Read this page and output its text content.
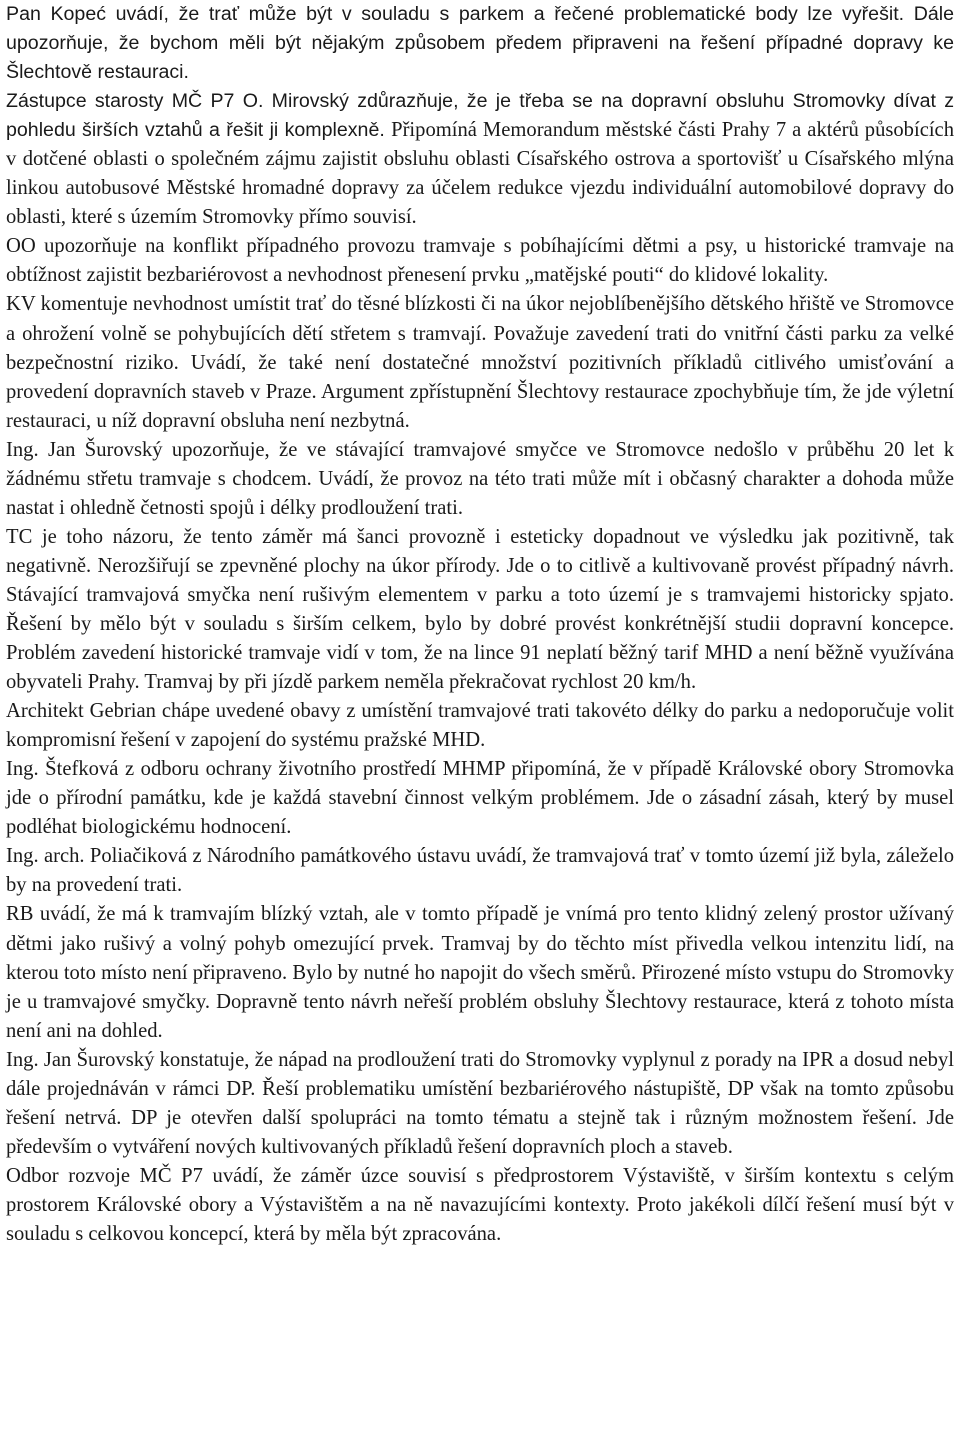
Pan Kopeć uvádí, že trať může být v souladu s parkem a řečené problematické body lze vyřešit. Dále upozorňuje, že bychom měli být nějakým způsobem předem připraveni na řešení případné dopravy ke Šlechtově restauraci.

Zástupce starosty MČ P7 O. Mirovský zdůrazňuje, že je třeba se na dopravní obsluhu Stromovky dívat z pohledu širších vztahů a řešit ji komplexně. Připomíná Memorandum městské části Prahy 7 a aktérů působících v dotčené oblasti o společném zájmu zajistit obsluhu oblasti Císařského ostrova a sportovišť u Císařského mlýna linkou autobusové Městské hromadné dopravy za účelem redukce vjezdu individuální automobilové dopravy do oblasti, které s územím Stromovky přímo souvisí.

OO upozorňuje na konflikt případného provozu tramvaje s pobíhajícími dětmi a psy, u historické tramvaje na obtížnost zajistit bezbariérovost a nevhodnost přenesení prvku „matějské pouti“ do klidové lokality.

KV komentuje nevhodnost umístit trať do těsné blízkosti či na úkor nejoblíbenějšího dětského hřiště ve Stromovce a ohrožení volně se pohybujících dětí střetem s tramvají. Považuje zavedení trati do vnitřní části parku za velké bezpečnostní riziko. Uvádí, že také není dostatečné množství pozitivních příkladů citlivého umisťování a provedení dopravních staveb v Praze. Argument zpřístupnění Šlechtovy restaurace zpochybňuje tím, že jde výletní restauraci, u níž dopravní obsluha není nezbytná.

Ing. Jan Šurovský upozorňuje, že ve stávající tramvajové smyčce ve Stromovce nedošlo v průběhu 20 let k žádnému střetu tramvaje s chodcem. Uvádí, že provoz na této trati může mít i občasný charakter a dohoda může nastat i ohledně četnosti spojů i délky prodloužení trati.

TC je toho názoru, že tento záměr má šanci provozně i esteticky dopadnout ve výsledku jak pozitivně, tak negativně. Nerozšiřují se zpevněné plochy na úkor přírody. Jde o to citlivě a kultivovaně provést případný návrh. Stávající tramvajová smyčka není rušivým elementem v parku a toto území je s tramvajemi historicky spjato. Řešení by mělo být v souladu s širším celkem, bylo by dobré provést konkrétnější studii dopravní koncepce. Problém zavedení historické tramvaje vidí v tom, že na lince 91 neplatí běžný tarif MHD a není běžně využívána obyvateli Prahy. Tramvaj by při jízdě parkem neměla překračovat rychlost 20 km/h.

Architekt Gebrian chápe uvedené obavy z umístění tramvajové trati takovéto délky do parku a nedoporučuje volit kompromisní řešení v zapojení do systému pražské MHD.

Ing. Štefková z odboru ochrany životního prostředí MHMP připomíná, že v případě Královské obory Stromovka jde o přírodní památku, kde je každá stavební činnost velkým problémem. Jde o zásadní zásah, který by musel podléhat biologickému hodnocení.

Ing. arch. Poliačiková z Národního památkového ústavu uvádí, že tramvajová trať v tomto území již byla, záleželo by na provedení trati.

RB uvádí, že má k tramvajím blízký vztah, ale v tomto případě je vnímá pro tento klidný zelený prostor užívaný dětmi jako rušivý a volný pohyb omezující prvek. Tramvaj by do těchto míst přivedla velkou intenzitu lidí, na kterou toto místo není připraveno. Bylo by nutné ho napojit do všech směrů. Přirozené místo vstupu do Stromovky je u tramvajové smyčky. Dopravně tento návrh neřeší problém obsluhy Šlechtovy restaurace, která z tohoto místa není ani na dohled.

Ing. Jan Šurovský konstatuje, že nápad na prodloužení trati do Stromovky vyplynul z porady na IPR a dosud nebyl dále projednáván v rámci DP. Řeší problematiku umístění bezbariérového nástupiště, DP však na tomto způsobu řešení netrvá. DP je otevřen další spolupráci na tomto tématu a stejně tak i různým možnostem řešení. Jde především o vytváření nových kultivovaných příkladů řešení dopravních ploch a staveb.

Odbor rozvoje MČ P7 uvádí, že záměr úzce souvisí s předprostorem Výstaviště, v širším kontextu s celým prostorem Královské obory a Výstavištěm a na ně navazujícími kontexty. Proto jakékoli dílčí řešení musí být v souladu s celkovou koncepcí, která by měla být zpracována.
